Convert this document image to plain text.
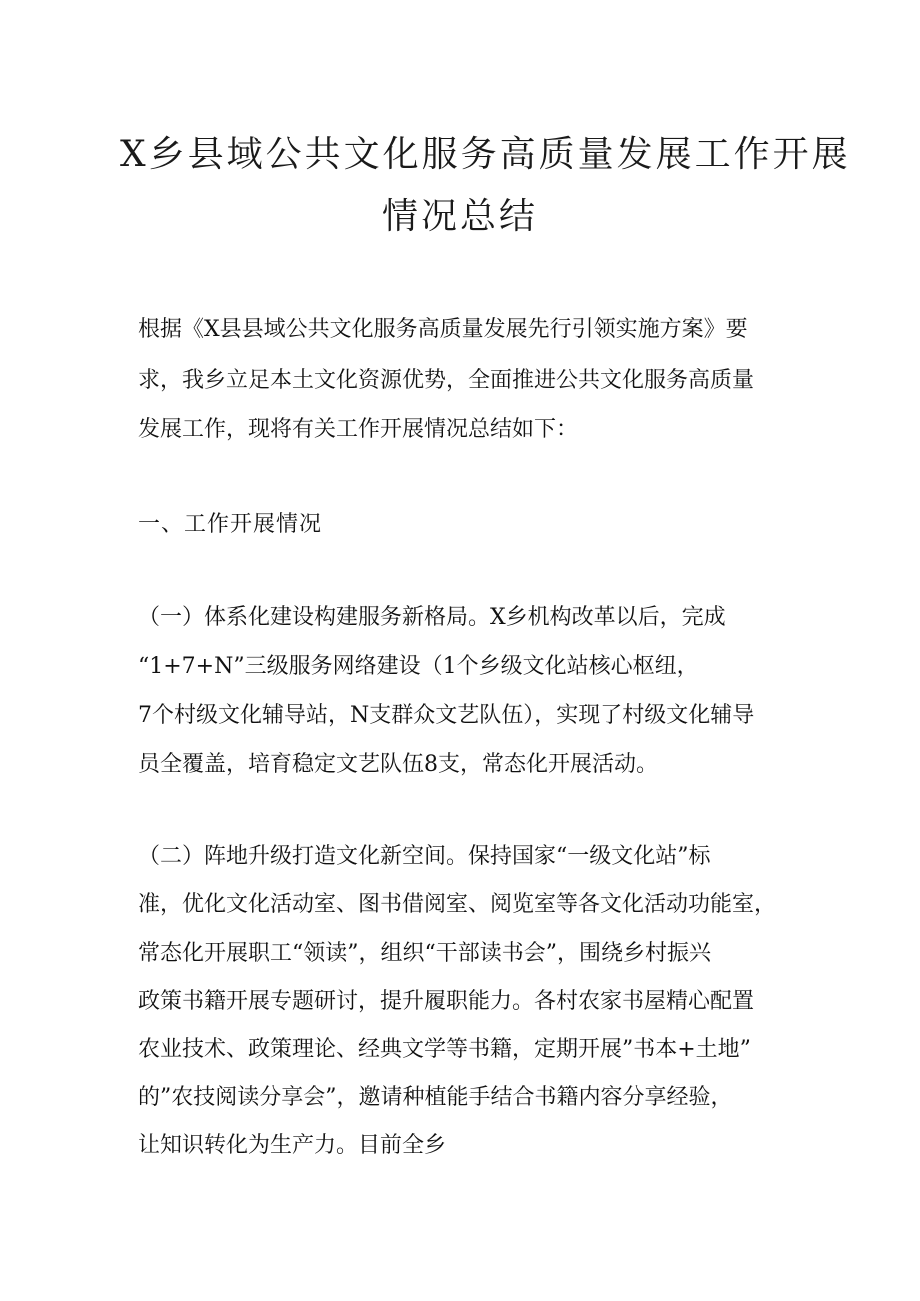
X乡县域公共文化服务高质量发展工作开展
情况总结

根据《X县县域公共文化服务高质量发展先行引领实施方案》要

求，我乡立足本土文化资源优势，全面推进公共文化服务高质量

发展工作，现将有关工作开展情况总结如下：

一、工作开展情况

（一）体系化建设构建服务新格局。X乡机构改革以后，完成

“1+7+N”三级服务网络建设（1个乡级文化站核心枢纽，

7个村级文化辅导站，N支群众文艺队伍），实现了村级文化辅导

员全覆盖，培育稳定文艺队伍8支，常态化开展活动。

（二）阵地升级打造文化新空间。保持国家“一级文化站”标

准，优化文化活动室、图书借阅室、阅览室等各文化活动功能室，

常态化开展职工“领读”，组织“干部读书会”，围绕乡村振兴

政策书籍开展专题研讨，提升履职能力。各村农家书屋精心配置

农业技术、政策理论、经典文学等书籍，定期开展”书本+土地”

的”农技阅读分享会”，邀请种植能手结合书籍内容分享经验，

让知识转化为生产力。目前全乡
